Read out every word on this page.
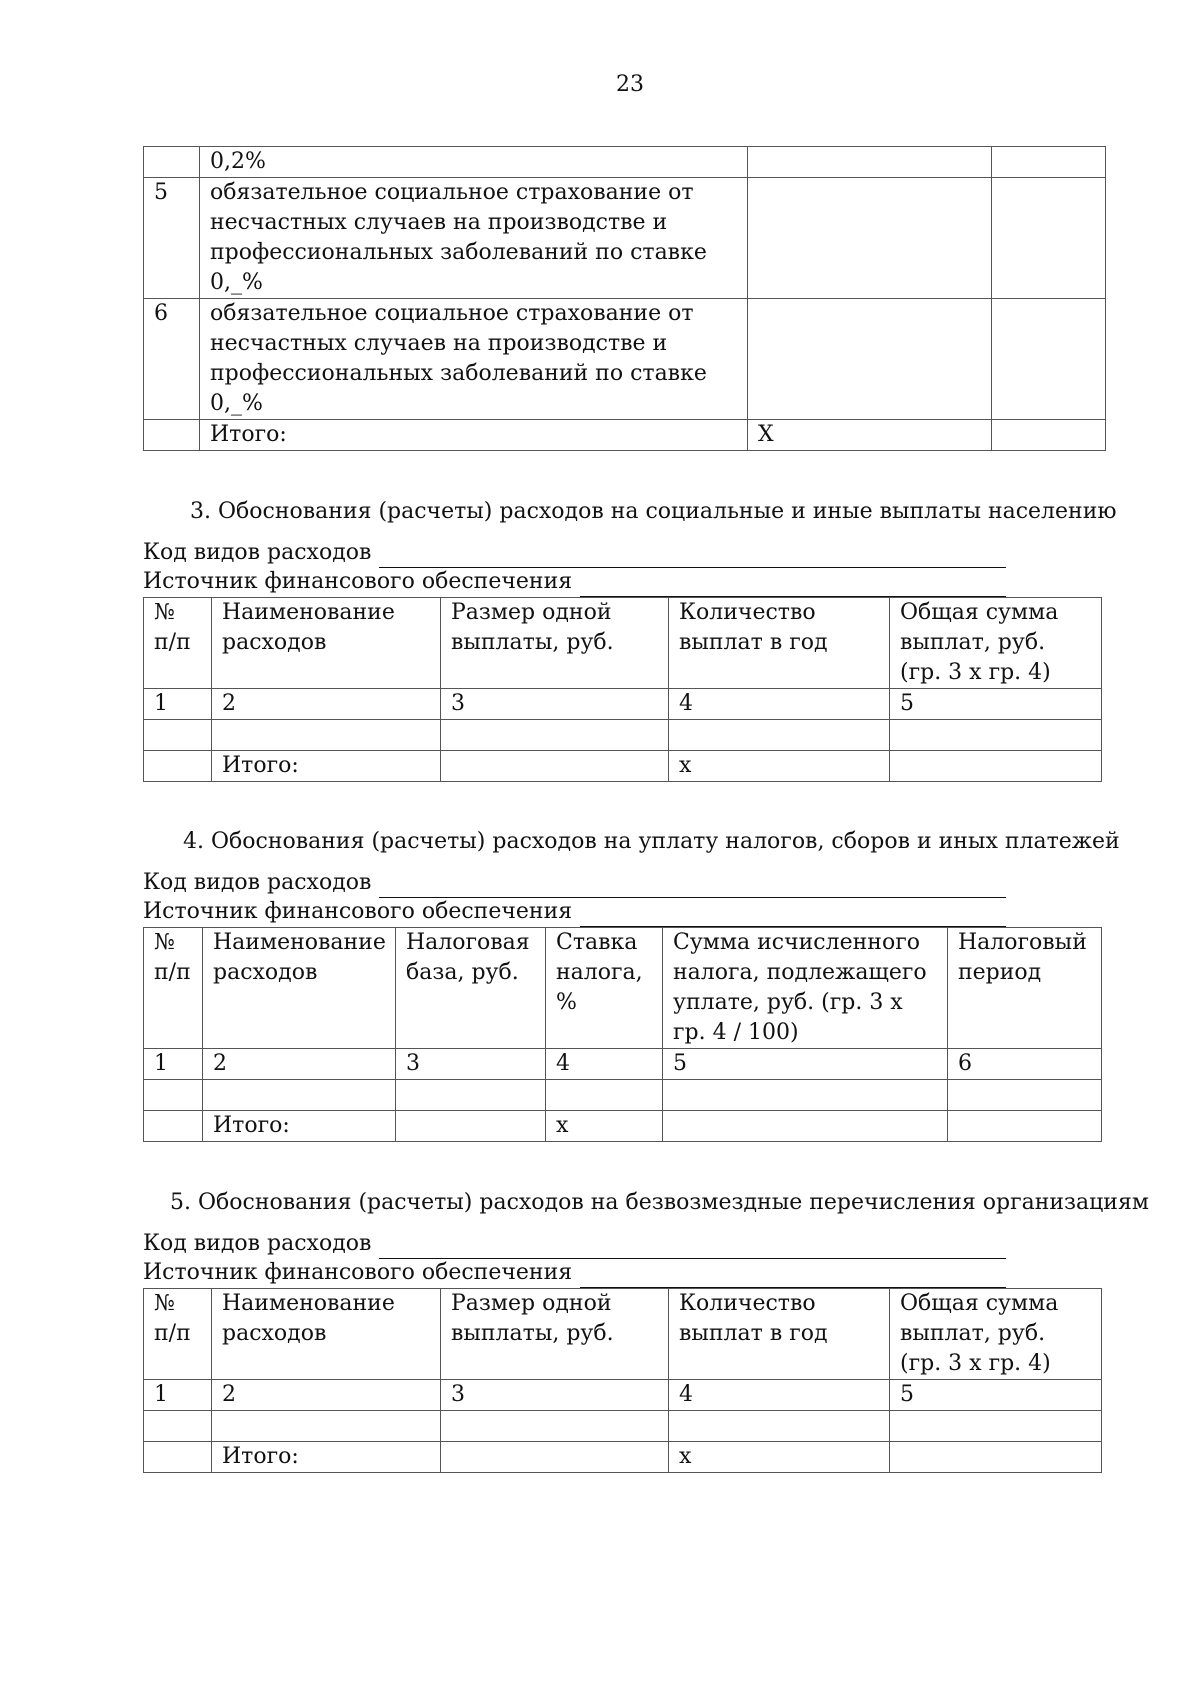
23
	0,2%		
5	обязательное социальное страхование от несчастных случаев на производстве и профессиональных заболеваний по ставке 0,_%		
6	обязательное социальное страхование от несчастных случаев на производстве и профессиональных заболеваний по ставке 0,_%		
	Итого:	X	
3. Обоснования (расчеты) расходов на социальные и иные выплаты населению
Код видов расходов
Источник финансового обеспечения
№ п/п	Наименование расходов	Размер одной выплаты, руб.	Количество выплат в год	Общая сумма выплат, руб. (гр. 3 x гр. 4)
1	2	3	4	5

	Итого:		x	
4. Обоснования (расчеты) расходов на уплату налогов, сборов и иных платежей
Код видов расходов
Источник финансового обеспечения
№ п/п	Наименование расходов	Налоговая база, руб.	Ставка налога, %	Сумма исчисленного налога, подлежащего уплате, руб. (гр. 3 x гр. 4 / 100)	Налоговый период
1	2	3	4	5	6

	Итого:		x		
5. Обоснования (расчеты) расходов на безвозмездные перечисления организациям
Код видов расходов
Источник финансового обеспечения
№ п/п	Наименование расходов	Размер одной выплаты, руб.	Количество выплат в год	Общая сумма выплат, руб. (гр. 3 x гр. 4)
1	2	3	4	5

	Итого:		x	
